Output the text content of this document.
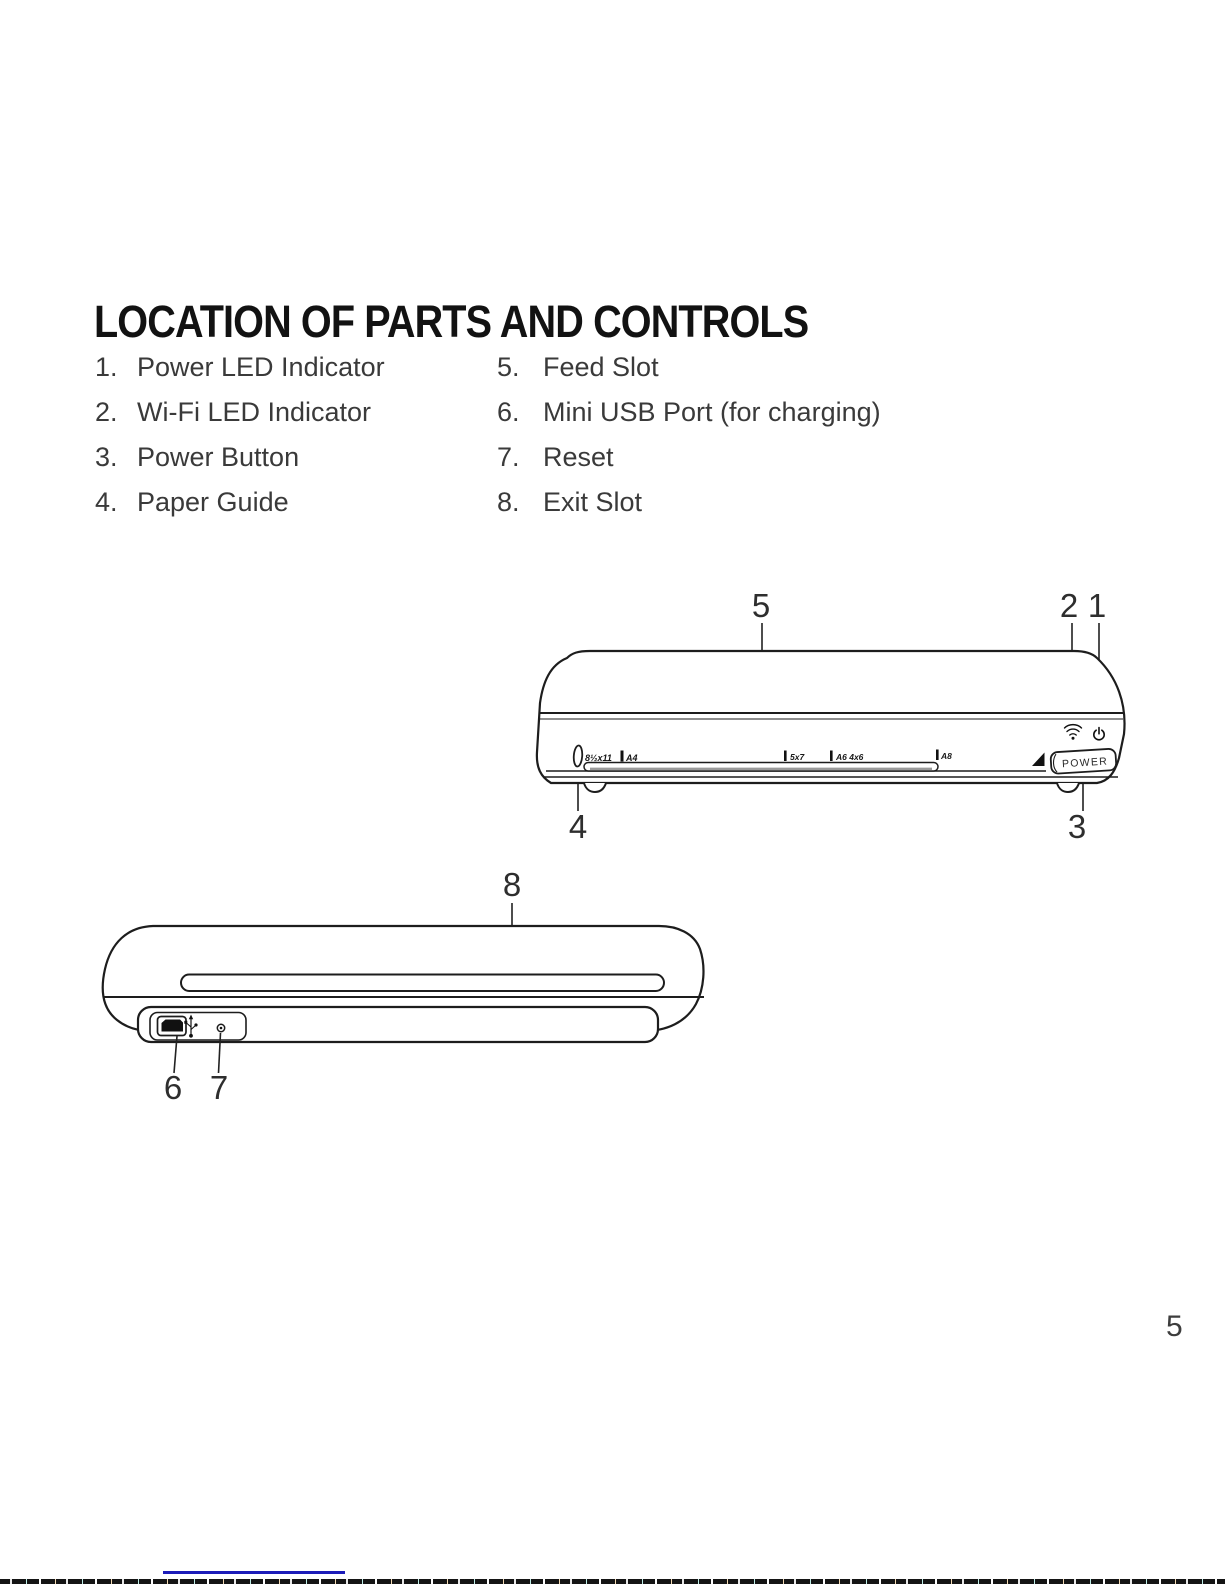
LOCATION OF PARTS AND CONTROLS
1. Power LED Indicator
2. Wi-Fi LED Indicator
3. Power Button
4. Paper Guide
5. Feed Slot
6. Mini USB Port (for charging)
7. Reset
8. Exit Slot
8½x11 A4	5x7	A6 4x6	A8	POWER
5	2 1
4	3
8
6 7
5
